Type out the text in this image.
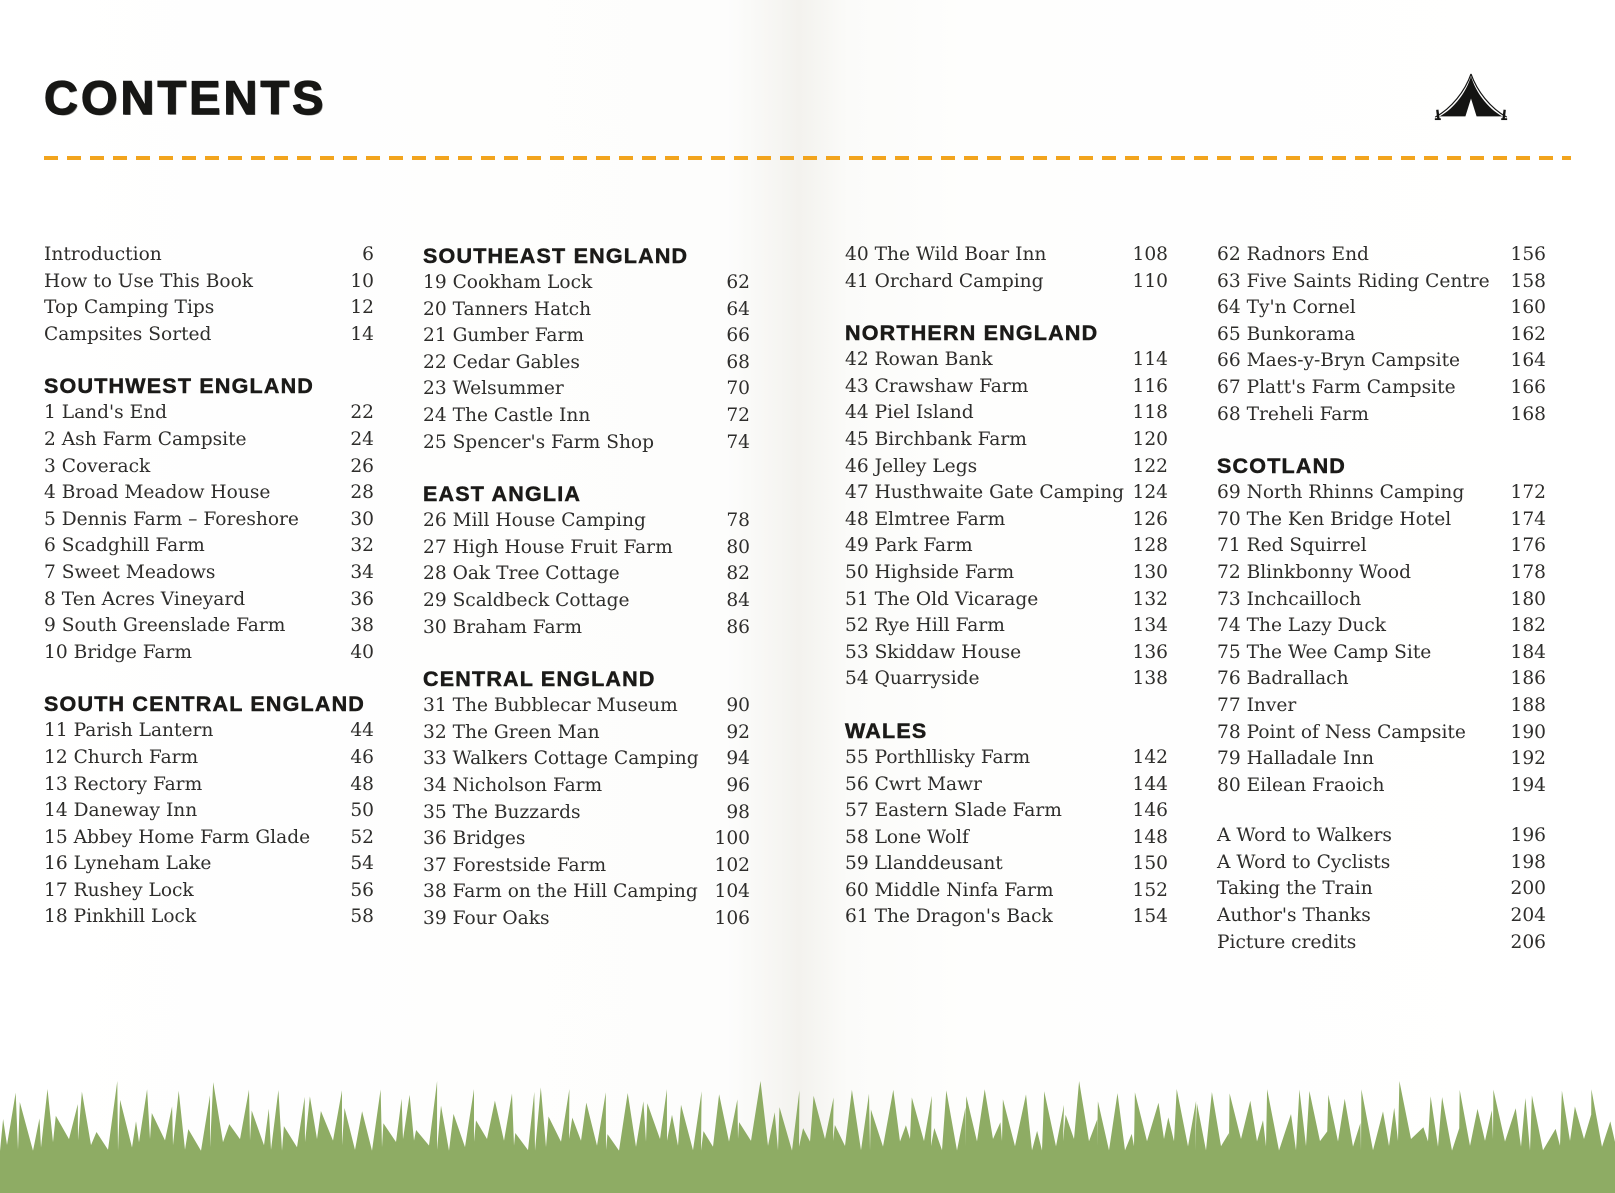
CONTENTS
Introduction	6
How to Use This Book	10
Top Camping Tips	12
Campsites Sorted	14
SOUTHWEST ENGLAND
1 Land's End	22
2 Ash Farm Campsite	24
3 Coverack	26
4 Broad Meadow House	28
5 Dennis Farm – Foreshore	30
6 Scadghill Farm	32
7 Sweet Meadows	34
8 Ten Acres Vineyard	36
9 South Greenslade Farm	38
10 Bridge Farm	40
SOUTH CENTRAL ENGLAND
11 Parish Lantern	44
12 Church Farm	46
13 Rectory Farm	48
14 Daneway Inn	50
15 Abbey Home Farm Glade	52
16 Lyneham Lake	54
17 Rushey Lock	56
18 Pinkhill Lock	58
SOUTHEAST ENGLAND
19 Cookham Lock	62
20 Tanners Hatch	64
21 Gumber Farm	66
22 Cedar Gables	68
23 Welsummer	70
24 The Castle Inn	72
25 Spencer's Farm Shop	74
EAST ANGLIA
26 Mill House Camping	78
27 High House Fruit Farm	80
28 Oak Tree Cottage	82
29 Scaldbeck Cottage	84
30 Braham Farm	86
CENTRAL ENGLAND
31 The Bubblecar Museum	90
32 The Green Man	92
33 Walkers Cottage Camping	94
34 Nicholson Farm	96
35 The Buzzards	98
36 Bridges	100
37 Forestside Farm	102
38 Farm on the Hill Camping 104
39 Four Oaks	106
40 The Wild Boar Inn	108
41 Orchard Camping	110
NORTHERN ENGLAND
42 Rowan Bank	114
43 Crawshaw Farm	116
44 Piel Island	118
45 Birchbank Farm	120
46 Jelley Legs	122
47 Husthwaite Gate Camping 124
48 Elmtree Farm	126
49 Park Farm	128
50 Highside Farm	130
51 The Old Vicarage	132
52 Rye Hill Farm	134
53 Skiddaw House	136
54 Quarryside	138
WALES
55 Porthllisky Farm	142
56 Cwrt Mawr	144
57 Eastern Slade Farm	146
58 Lone Wolf	148
59 Llanddeusant	150
60 Middle Ninfa Farm	152
61 The Dragon's Back	154
62 Radnors End	156
63 Five Saints Riding Centre	158
64 Ty'n Cornel	160
65 Bunkorama	162
66 Maes-y-Bryn Campsite	164
67 Platt's Farm Campsite	166
68 Treheli Farm	168
SCOTLAND
69 North Rhinns Camping	172
70 The Ken Bridge Hotel	174
71 Red Squirrel	176
72 Blinkbonny Wood	178
73 Inchcailloch	180
74 The Lazy Duck	182
75 The Wee Camp Site	184
76 Badrallach	186
77 Inver	188
78 Point of Ness Campsite	190
79 Halladale Inn	192
80 Eilean Fraoich	194
A Word to Walkers	196
A Word to Cyclists	198
Taking the Train	200
Author's Thanks	204
Picture credits	206
